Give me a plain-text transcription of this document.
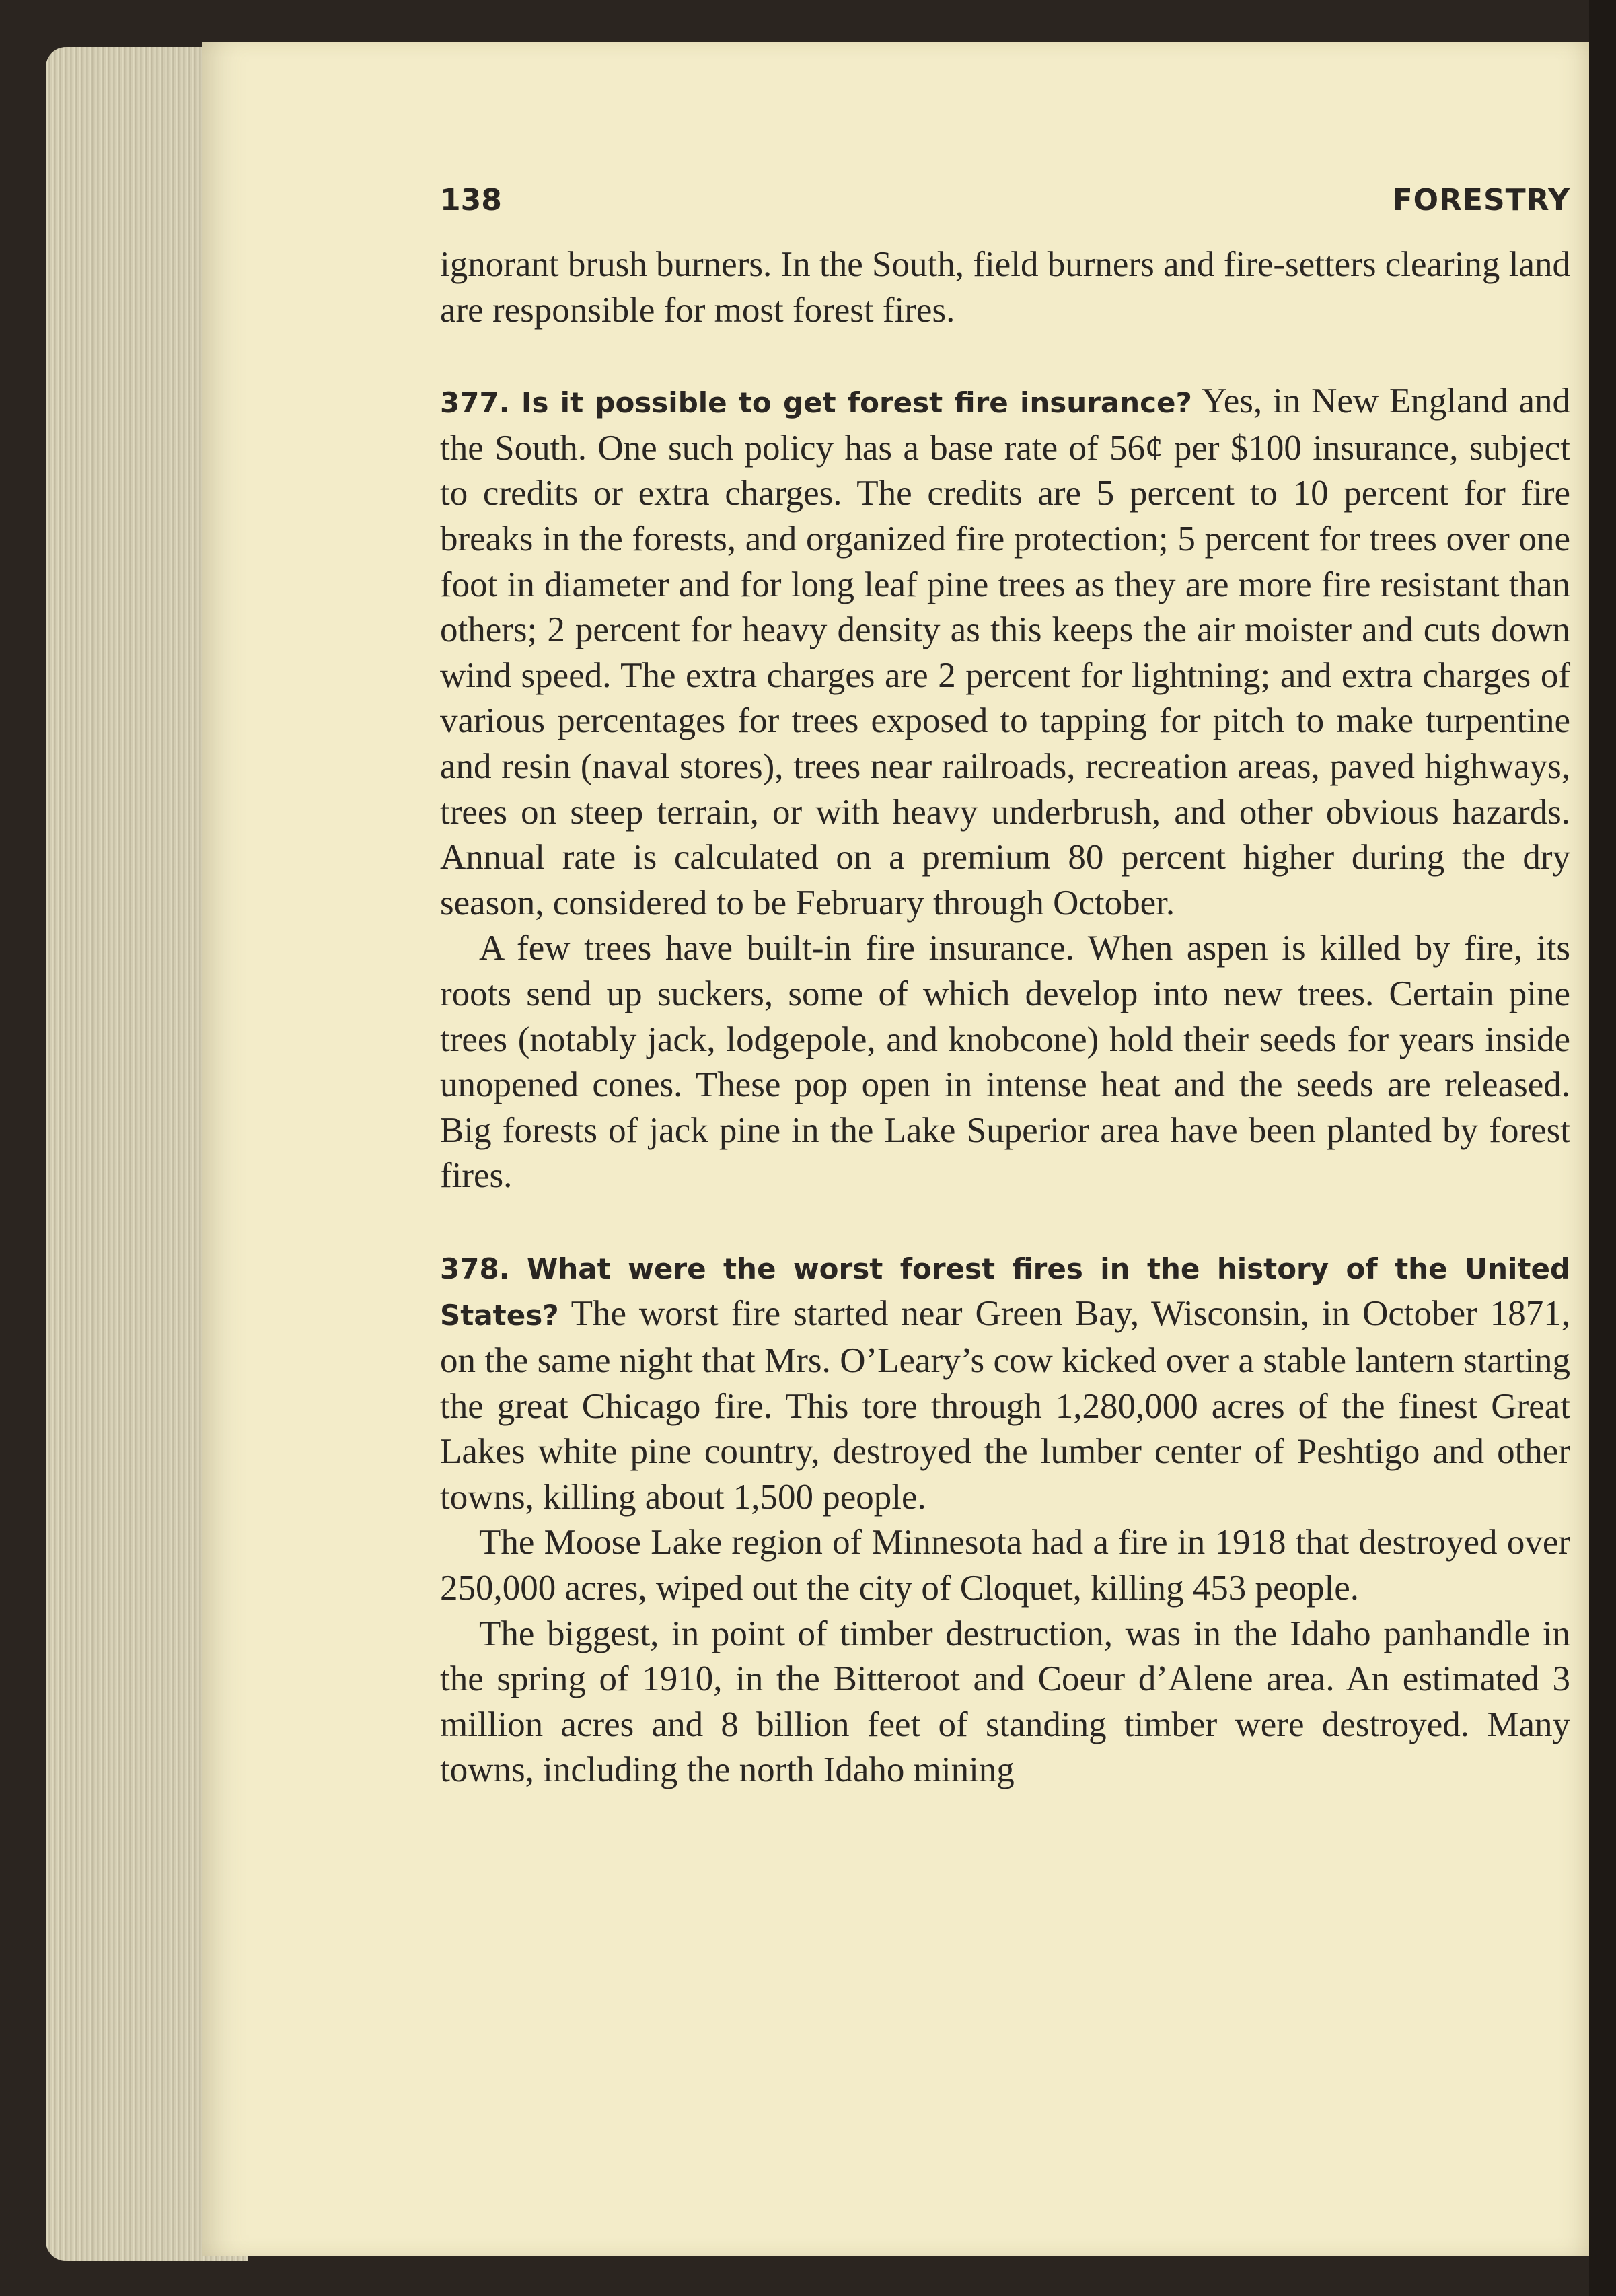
138	FORESTRY

ignorant brush burners. In the South, field burners and fire-setters clearing land are responsible for most forest fires.

377. Is it possible to get forest fire insurance? Yes, in New England and the South. One such policy has a base rate of 56¢ per $100 insurance, subject to credits or extra charges. The credits are 5 percent to 10 percent for fire breaks in the forests, and organized fire protection; 5 percent for trees over one foot in diameter and for long leaf pine trees as they are more fire resistant than others; 2 percent for heavy density as this keeps the air moister and cuts down wind speed. The extra charges are 2 percent for lightning; and extra charges of various percentages for trees exposed to tapping for pitch to make turpentine and resin (naval stores), trees near railroads, recreation areas, paved highways, trees on steep terrain, or with heavy underbrush, and other obvious hazards. Annual rate is calculated on a premium 80 percent higher during the dry season, considered to be February through October.

A few trees have built-in fire insurance. When aspen is killed by fire, its roots send up suckers, some of which develop into new trees. Certain pine trees (notably jack, lodgepole, and knobcone) hold their seeds for years inside unopened cones. These pop open in intense heat and the seeds are released. Big forests of jack pine in the Lake Superior area have been planted by forest fires.

378. What were the worst forest fires in the history of the United States? The worst fire started near Green Bay, Wisconsin, in October 1871, on the same night that Mrs. O’Leary’s cow kicked over a stable lantern starting the great Chicago fire. This tore through 1,280,000 acres of the finest Great Lakes white pine country, destroyed the lumber center of Peshtigo and other towns, killing about 1,500 people.

The Moose Lake region of Minnesota had a fire in 1918 that destroyed over 250,000 acres, wiped out the city of Cloquet, killing 453 people.

The biggest, in point of timber destruction, was in the Idaho panhandle in the spring of 1910, in the Bitteroot and Coeur d’Alene area. An estimated 3 million acres and 8 billion feet of standing timber were destroyed. Many towns, including the north Idaho mining
